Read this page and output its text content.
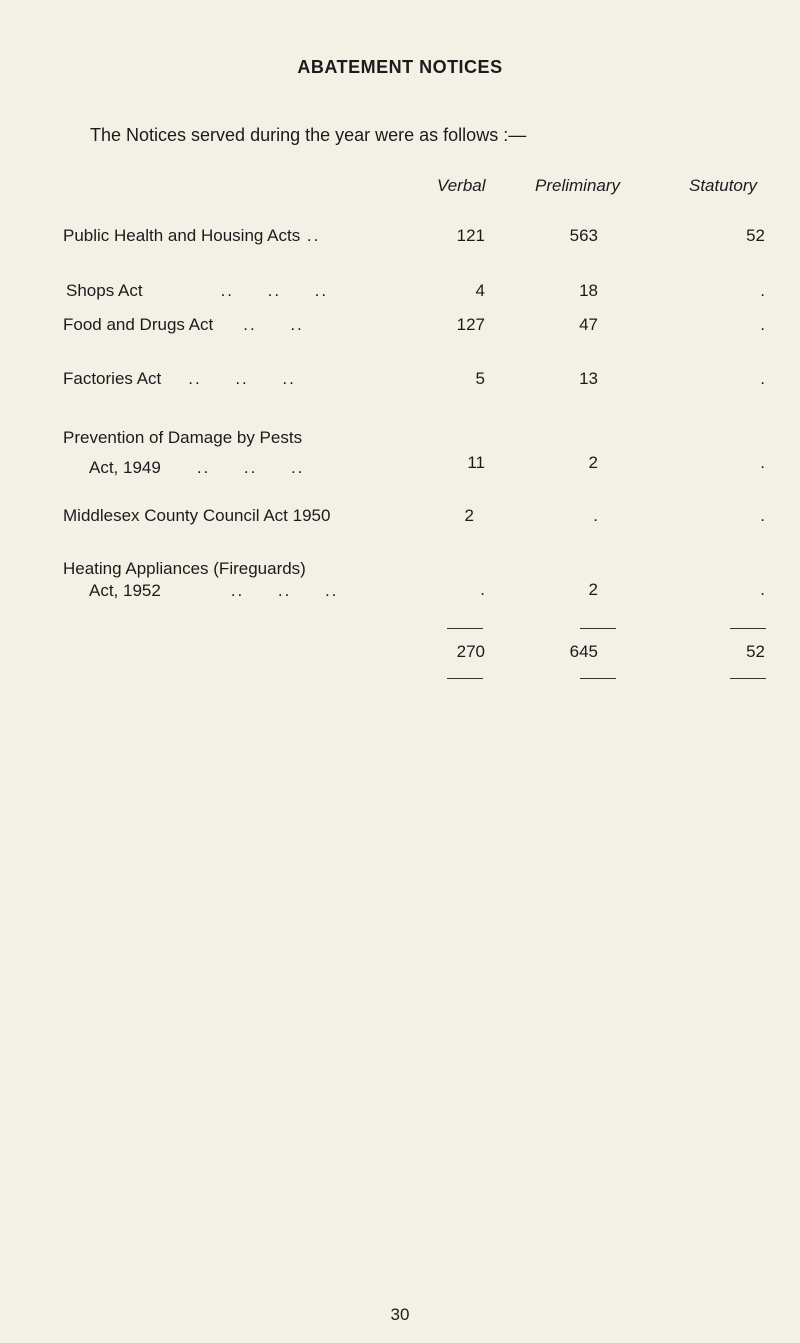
ABATEMENT NOTICES
The Notices served during the year were as follows :—
Verbal	Preliminary	Statutory
Public Health and Housing Acts ..	121	563	52
Shops Act	..     ..     ..	4	18	.
Food and Drugs Act ..     ..	127	47	.
Factories Act ..     ..     ..	5	13	.
Prevention of Damage by Pests
Act, 1949 ..     ..     ..	11	2	.
Middlesex County Council Act 1950	2	.	.
Heating Appliances (Fireguards)
Act, 1952	..     ..     ..	.	2	.
270	645	52
30
